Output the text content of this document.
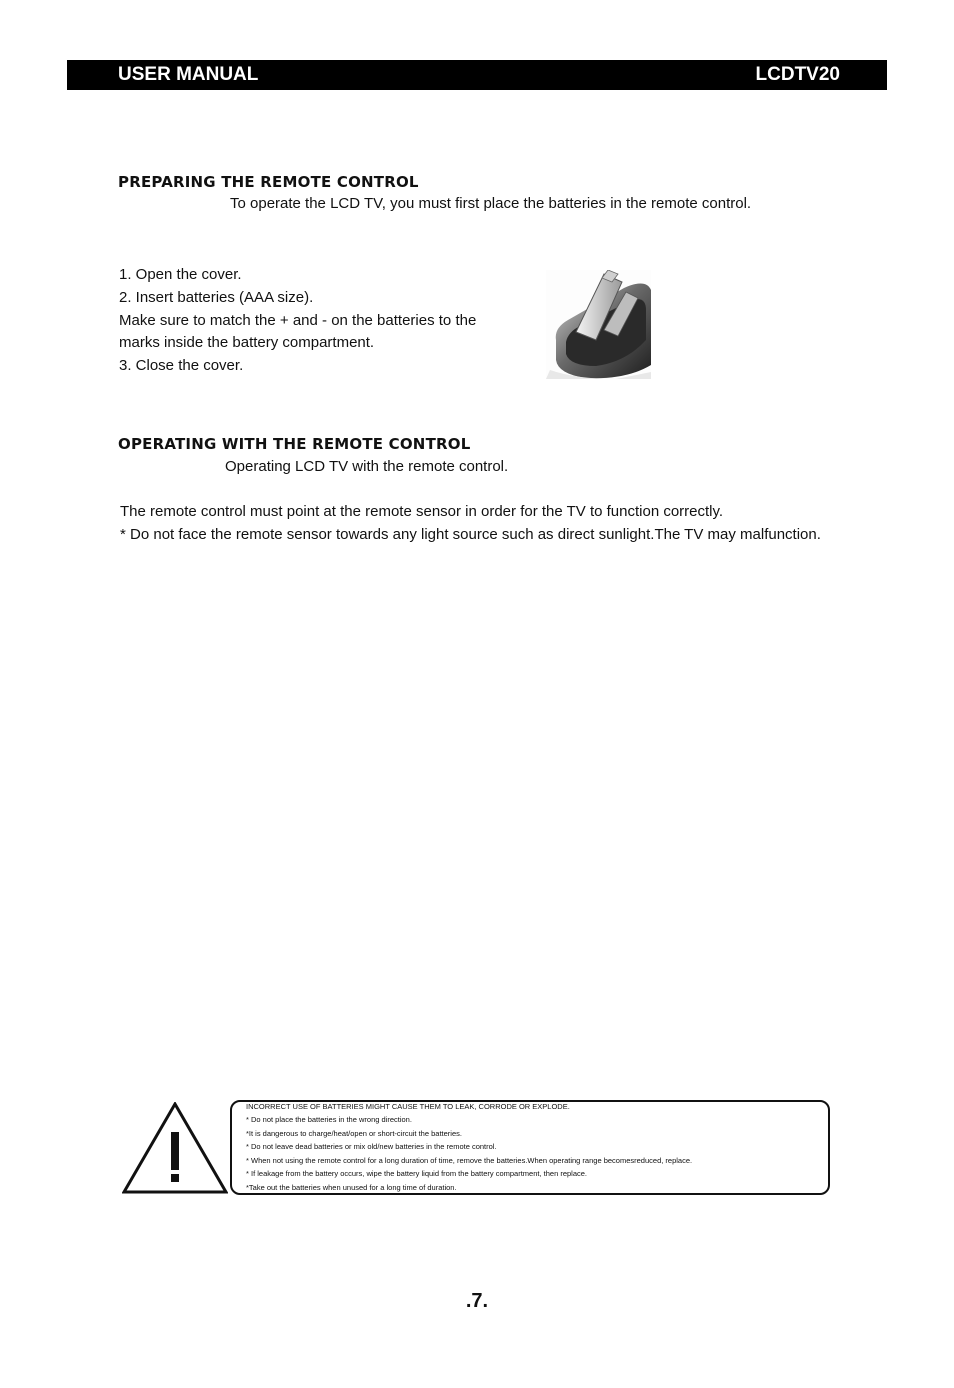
USER MANUAL	LCDTV20
PREPARING THE REMOTE CONTROL
To operate the LCD TV, you must first place the batteries in the remote control.
1. Open the cover.
2. Insert batteries (AAA size).
Make sure to match the + and - on the batteries to the
marks inside the battery compartment.
3. Close the cover.
OPERATING WITH THE REMOTE CONTROL
Operating LCD TV with the remote control.
The remote control must point at the remote sensor in order for the TV to function correctly.
* Do not face the remote sensor towards any light source such as direct sunlight.The TV may malfunction.
INCORRECT USE OF BATTERIES MIGHT CAUSE THEM TO LEAK, CORRODE OR EXPLODE.
* Do not place the batteries in the wrong direction.
*It is dangerous to charge/heat/open or short-circuit the batteries.
* Do not leave dead batteries or mix old/new batteries in the remote control.
* When not using the remote control for a long duration of time, remove the batteries.When operating range becomesreduced, replace.
* If leakage from the battery occurs, wipe the battery liquid from the battery compartment, then replace.
*Take out the batteries when unused for a long time of duration.
.7.
